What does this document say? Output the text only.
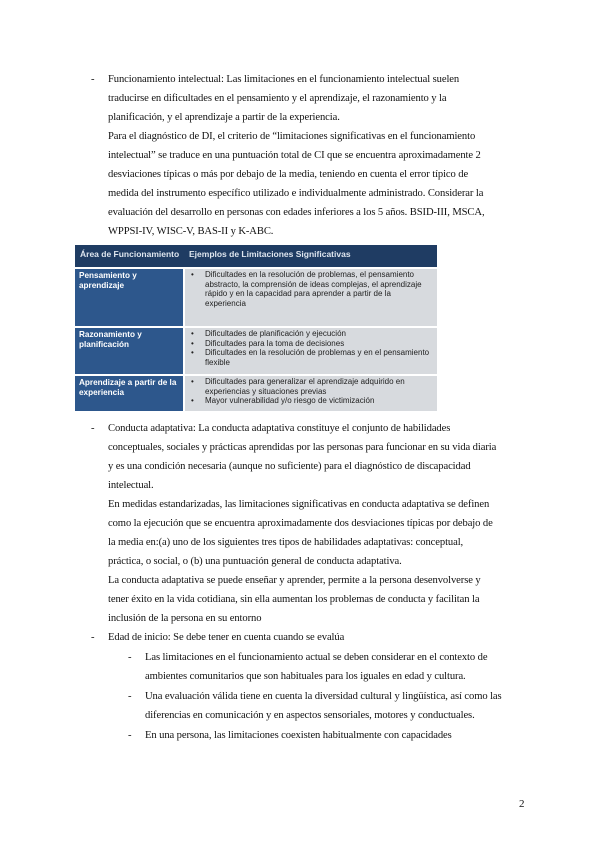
- Funcionamiento intelectual: Las limitaciones en el funcionamiento intelectual suelen
traducirse en dificultades en el pensamiento y el aprendizaje, el razonamiento y la
planificación, y el aprendizaje a partir de la experiencia.
Para el diagnóstico de DI, el criterio de “limitaciones significativas en el funcionamiento
intelectual” se traduce en una puntuación total de CI que se encuentra aproximadamente 2
desviaciones típicas o más por debajo de la media, teniendo en cuenta el error típico de
medida del instrumento específico utilizado e individualmente administrado. Considerar la
evaluación del desarrollo en personas con edades inferiores a los 5 años. BSID-III, MSCA,
WPPSI-IV, WISC-V, BAS-II y K-ABC.
Área de Funcionamiento Ejemplos de Limitaciones Significativas
Pensamiento y aprendizaje
• Dificultades en la resolución de problemas, el pensamiento abstracto, la comprensión de ideas complejas, el aprendizaje rápido y en la capacidad para aprender a partir de la experiencia
Razonamiento y planificación
• Dificultades de planificación y ejecución
• Dificultades para la toma de decisiones
• Dificultades en la resolución de problemas y en el pensamiento flexible
Aprendizaje a partir de la experiencia
• Dificultades para generalizar el aprendizaje adquirido en experiencias y situaciones previas
• Mayor vulnerabilidad y/o riesgo de victimización
- Conducta adaptativa: La conducta adaptativa constituye el conjunto de habilidades
conceptuales, sociales y prácticas aprendidas por las personas para funcionar en su vida diaria
y es una condición necesaria (aunque no suficiente) para el diagnóstico de discapacidad
intelectual.
En medidas estandarizadas, las limitaciones significativas en conducta adaptativa se definen
como la ejecución que se encuentra aproximadamente dos desviaciones típicas por debajo de
la media en:(a) uno de los siguientes tres tipos de habilidades adaptativas: conceptual,
práctica, o social, o (b) una puntuación general de conducta adaptativa.
La conducta adaptativa se puede enseñar y aprender, permite a la persona desenvolverse y
tener éxito en la vida cotidiana, sin ella aumentan los problemas de conducta y facilitan la
inclusión de la persona en su entorno
- Edad de inicio: Se debe tener en cuenta cuando se evalúa
- Las limitaciones en el funcionamiento actual se deben considerar en el contexto de
ambientes comunitarios que son habituales para los iguales en edad y cultura.
- Una evaluación válida tiene en cuenta la diversidad cultural y lingüística, así como las
diferencias en comunicación y en aspectos sensoriales, motores y conductuales.
- En una persona, las limitaciones coexisten habitualmente con capacidades
2
